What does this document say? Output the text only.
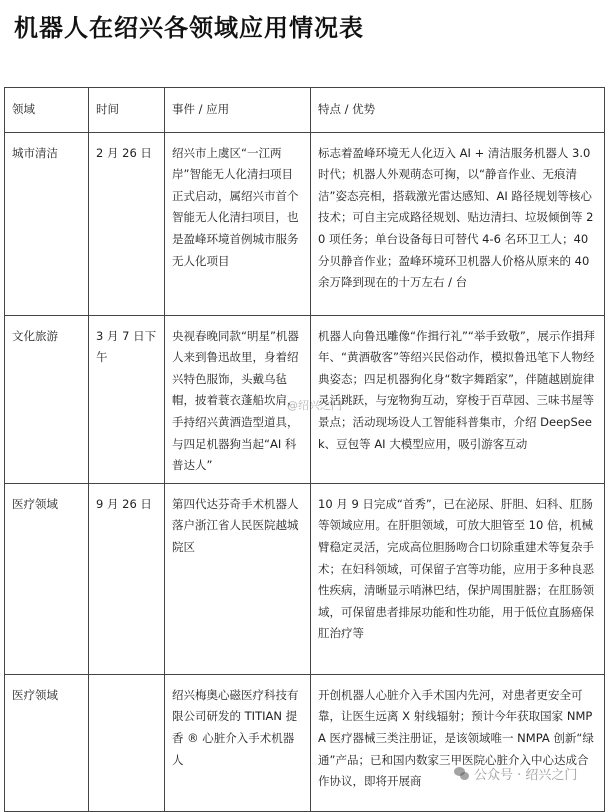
机器人在绍兴各领域应用情况表
领域	时间	事件 / 应用	特点 / 优势

城市清洁	2 月 26 日	绍兴市上虞区“一江两岸”智能无人化清扫项目正式启动，属绍兴市首个智能无人化清扫项目，也是盈峰环境首例城市服务无人化项目	标志着盈峰环境无人化迈入 AI + 清洁服务机器人 3.0 时代；机器人外观萌态可掬，以“静音作业、无痕清洁”姿态亮相，搭载激光雷达感知、AI 路径规划等核心技术；可自主完成路径规划、贴边清扫、垃圾倾倒等 20 项任务；单台设备每日可替代 4-6 名环卫工人；40 分贝静音作业；盈峰环境环卫机器人价格从原来的 40 余万降到现在的十万左右 / 台

文化旅游	3 月 7 日下午	央视春晚同款“明星”机器人来到鲁迅故里，身着绍兴特色服饰，头戴乌毡帽，披着蓑衣蓬船坎肩，手持绍兴黄酒造型道具，与四足机器狗当起“AI 科普达人”	机器人向鲁迅雕像“作揖行礼”“举手致敬”，展示作揖拜年、“黄酒敬客”等绍兴民俗动作，模拟鲁迅笔下人物经典姿态；四足机器狗化身“数字舞蹈家”，伴随越剧旋律灵活跳跃，与宠物狗互动，穿梭于百草园、三味书屋等景点；活动现场设人工智能科普集市，介绍 DeepSeek、豆包等 AI 大模型应用，吸引游客互动

医疗领域	9 月 26 日	第四代达芬奇手术机器人落户浙江省人民医院越城院区	10 月 9 日完成“首秀”，已在泌尿、肝胆、妇科、肛肠等领域应用。在肝胆领域，可放大胆管至 10 倍，机械臂稳定灵活，完成高位胆肠吻合口切除重建术等复杂手术；在妇科领域，可保留子宫等功能，应用于多种良恶性疾病，清晰显示哨淋巴结，保护周围脏器；在肛肠领域，可保留患者排尿功能和性功能，用于低位直肠癌保肛治疗等

医疗领域		绍兴梅奥心磁医疗科技有限公司研发的 TITIAN 提香 ® 心脏介入手术机器人	开创机器人心脏介入手术国内先河，对患者更安全可靠，让医生远离 X 射线辐射；预计今年获取国家 NMPA 医疗器械三类注册证，是该领域唯一 NMPA 创新“绿通”产品；已和国内数家三甲医院心脏介入中心达成合作协议，即将开展商
@绍兴之门
公众号 · 绍兴之门
